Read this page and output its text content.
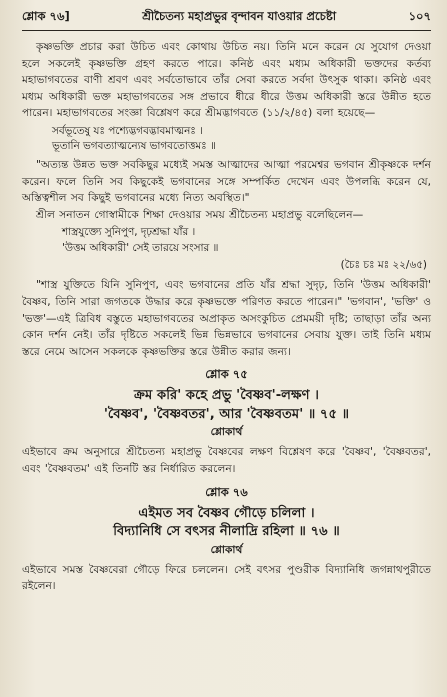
শ্লোক ৭৬]	শ্রীচৈতন্য মহাপ্রভুর বৃন্দাবন যাওয়ার প্রচেষ্টা	১০৭

কৃষ্ণভক্তি প্রচার করা উচিত এবং কোথায় উচিত নয়। তিনি মনে করেন যে সুযোগ দেওয়া হলে সকলেই কৃষ্ণভক্তি গ্রহণ করতে পারে। কনিষ্ঠ এবং মধ্যম অধিকারী ভক্তদের কর্তব্য মহাভাগবতের বাণী শ্রবণ এবং সর্বতোভাবে তাঁর সেবা করতে সর্বদা উৎসুক থাকা। কনিষ্ঠ এবং মধ্যম অধিকারী ভক্ত মহাভাগবতের সঙ্গ প্রভাবে ধীরে ধীরে উত্তম অধিকারী স্তরে উন্নীত হতে পারেন। মহাভাগবতের সংজ্ঞা বিশ্লেষণ করে শ্রীমদ্ভাগবতে (১১/২/৪৫) বলা হয়েছে—

সর্বভূতেষু যঃ পশ্যেদ্ভগবদ্ভাবমাত্মনঃ ।
ভূতানি ভগবত্যাত্মন্যেষ ভাগবতোত্তমঃ ॥

"অত্যন্ত উন্নত ভক্ত সবকিছুর মধ্যেই সমস্ত আত্মাদের আত্মা পরমেশ্বর ভগবান শ্রীকৃষ্ণকে দর্শন করেন। ফলে তিনি সব কিছুকেই ভগবানের সঙ্গে সম্পর্কিত দেখেন এবং উপলব্ধি করেন যে, অস্তিত্বশীল সব কিছুই ভগবানের মধ্যে নিত্য অবস্থিত।"

শ্রীল সনাতন গোস্বামীকে শিক্ষা দেওয়ার সময় শ্রীচৈতন্য মহাপ্রভু বলেছিলেন—

শাস্ত্রযুক্ত্যে সুনিপুণ, দৃঢ়শ্রদ্ধা যাঁর ।
'উত্তম অধিকারী' সেই তারয়ে সংসার ॥
(চৈঃ চঃ মঃ ২২/৬৫)

"শাস্ত্র যুক্তিতে যিনি সুনিপুণ, এবং ভগবানের প্রতি যাঁর শ্রদ্ধা সুদৃঢ়, তিনি 'উত্তম অধিকারী' বৈষ্ণব, তিনি সারা জগতকে উদ্ধার করে কৃষ্ণভক্তে পরিণত করতে পারেন।" 'ভগবান', 'ভক্তি' ও 'ভক্ত'—এই ত্রিবিধ বস্তুতে মহাভাগবতের অপ্রাকৃত অসংকুচিত প্রেমময়ী দৃষ্টি; তাছাড়া তাঁর অন্য কোন দর্শন নেই। তাঁর দৃষ্টিতে সকলেই ভিন্ন ভিন্নভাবে ভগবানের সেবায় যুক্ত। তাই তিনি মধ্যম স্তরে নেমে আসেন সকলকে কৃষ্ণভক্তির স্তরে উন্নীত করার জন্য।

শ্লোক ৭৫

ক্রম করি' কহে প্রভু 'বৈষ্ণব'-লক্ষণ ।

'বৈষ্ণব', 'বৈষ্ণবতর', আর 'বৈষ্ণবতম' ॥ ৭৫ ॥

শ্লোকার্থ

এইভাবে ক্রম অনুসারে শ্রীচৈতন্য মহাপ্রভু বৈষ্ণবের লক্ষণ বিশ্লেষণ করে 'বৈষ্ণব', 'বৈষ্ণবতর', এবং 'বৈষ্ণবতম' এই তিনটি স্তর নির্ধারিত করলেন।

শ্লোক ৭৬

এইমত সব বৈষ্ণব গৌড়ে চলিলা ।

বিদ্যানিধি সে বৎসর নীলাদ্রি রহিলা ॥ ৭৬ ॥

শ্লোকার্থ

এইভাবে সমস্ত বৈষ্ণবেরা গৌড়ে ফিরে চললেন। সেই বৎসর পুণ্ডরীক বিদ্যানিধি জগন্নাথপুরীতে রইলেন।
